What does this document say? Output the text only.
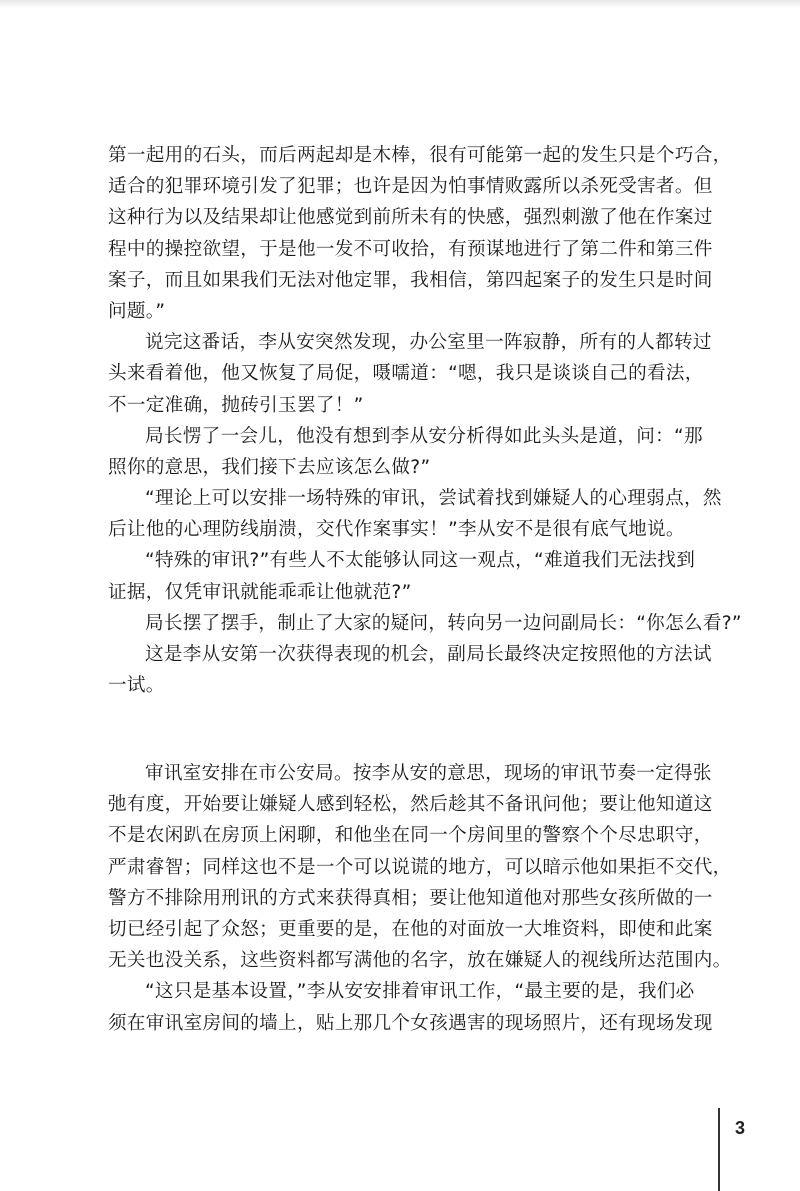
第一起用的石头，而后两起却是木棒，很有可能第一起的发生只是个巧合，
适合的犯罪环境引发了犯罪；也许是因为怕事情败露所以杀死受害者。但
这种行为以及结果却让他感觉到前所未有的快感，强烈刺激了他在作案过
程中的操控欲望，于是他一发不可收拾，有预谋地进行了第二件和第三件
案子，而且如果我们无法对他定罪，我相信，第四起案子的发生只是时间
问题。”
说完这番话，李从安突然发现，办公室里一阵寂静，所有的人都转过
头来看着他，他又恢复了局促，嗫嚅道：“嗯，我只是谈谈自己的看法，
不一定准确，抛砖引玉罢了！”
局长愣了一会儿，他没有想到李从安分析得如此头头是道，问：“那
照你的意思，我们接下去应该怎么做?”
“理论上可以安排一场特殊的审讯，尝试着找到嫌疑人的心理弱点，然
后让他的心理防线崩溃，交代作案事实！”李从安不是很有底气地说。
“特殊的审讯?”有些人不太能够认同这一观点，“难道我们无法找到
证据，仅凭审讯就能乖乖让他就范?”
局长摆了摆手，制止了大家的疑问，转向另一边问副局长：“你怎么看?”
这是李从安第一次获得表现的机会，副局长最终决定按照他的方法试
一试。
审讯室安排在市公安局。按李从安的意思，现场的审讯节奏一定得张
弛有度，开始要让嫌疑人感到轻松，然后趁其不备讯问他；要让他知道这
不是农闲趴在房顶上闲聊，和他坐在同一个房间里的警察个个尽忠职守，
严肃睿智；同样这也不是一个可以说谎的地方，可以暗示他如果拒不交代，
警方不排除用刑讯的方式来获得真相；要让他知道他对那些女孩所做的一
切已经引起了众怒；更重要的是，在他的对面放一大堆资料，即使和此案
无关也没关系，这些资料都写满他的名字，放在嫌疑人的视线所达范围内。
“这只是基本设置，”李从安安排着审讯工作，“最主要的是，我们必
须在审讯室房间的墙上，贴上那几个女孩遇害的现场照片，还有现场发现
3
